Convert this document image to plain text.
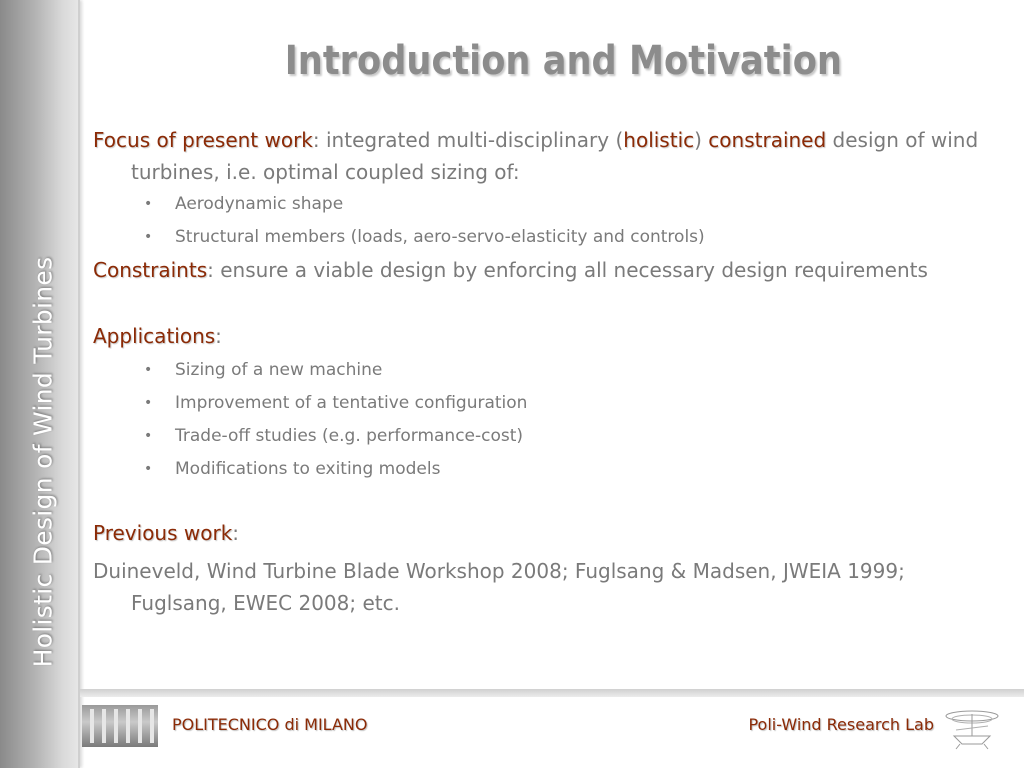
Holistic Design of Wind Turbines
Introduction and Motivation
Focus of present work: integrated multi-disciplinary (holistic) constrained design of wind turbines, i.e. optimal coupled sizing of:
• Aerodynamic shape
• Structural members (loads, aero-servo-elasticity and controls)
Constraints: ensure a viable design by enforcing all necessary design requirements
Applications:
• Sizing of a new machine
• Improvement of a tentative configuration
• Trade-off studies (e.g. performance-cost)
• Modifications to exiting models
Previous work:
Duineveld, Wind Turbine Blade Workshop 2008; Fuglsang & Madsen, JWEIA 1999; Fuglsang, EWEC 2008; etc.
POLITECNICO di MILANO	Poli-Wind Research Lab
